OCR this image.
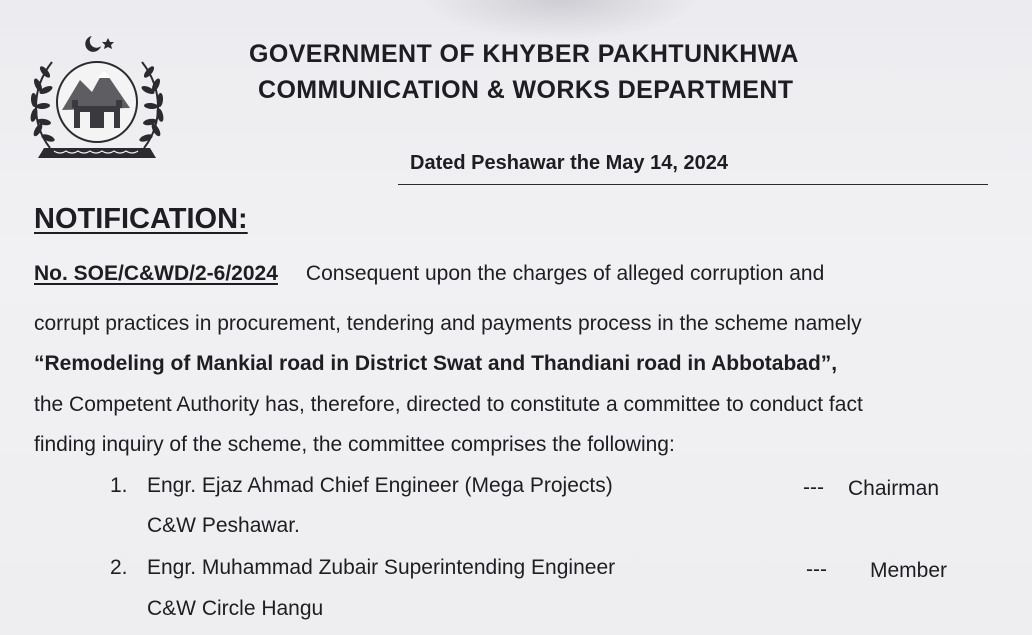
GOVERNMENT OF KHYBER PAKHTUNKHWA
COMMUNICATION & WORKS DEPARTMENT
Dated Peshawar the May 14, 2024
NOTIFICATION:
No. SOE/C&WD/2-6/2024 Consequent upon the charges of alleged corruption and
corrupt practices in procurement, tendering and payments process in the scheme namely
“Remodeling of Mankial road in District Swat and Thandiani road in Abbotabad”,
the Competent Authority has, therefore, directed to constitute a committee to conduct fact
finding inquiry of the scheme, the committee comprises the following:
1. Engr. Ejaz Ahmad Chief Engineer (Mega Projects)
C&W Peshawar.
--- Chairman
2. Engr. Muhammad Zubair Superintending Engineer
C&W Circle Hangu
--- Member
